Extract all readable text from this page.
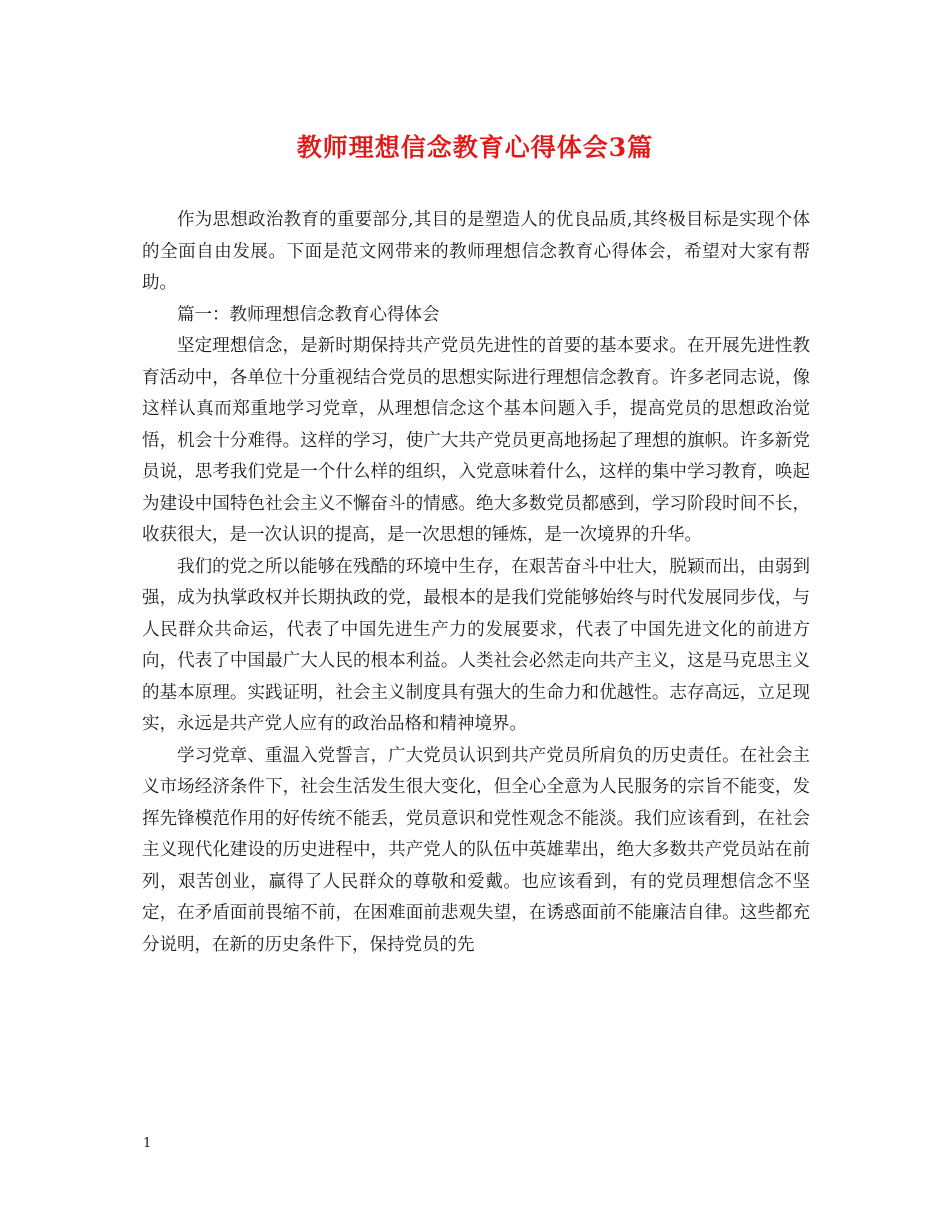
教师理想信念教育心得体会3篇

作为思想政治教育的重要部分,其目的是塑造人的优良品质,其终极目标是实现个体的全面自由发展。下面是范文网带来的教师理想信念教育心得体会，希望对大家有帮助。

篇一：教师理想信念教育心得体会

坚定理想信念，是新时期保持共产党员先进性的首要的基本要求。在开展先进性教育活动中，各单位十分重视结合党员的思想实际进行理想信念教育。许多老同志说，像这样认真而郑重地学习党章，从理想信念这个基本问题入手，提高党员的思想政治觉悟，机会十分难得。这样的学习，使广大共产党员更高地扬起了理想的旗帜。许多新党员说，思考我们党是一个什么样的组织，入党意味着什么，这样的集中学习教育，唤起为建设中国特色社会主义不懈奋斗的情感。绝大多数党员都感到，学习阶段时间不长，收获很大，是一次认识的提高，是一次思想的锤炼，是一次境界的升华。

我们的党之所以能够在残酷的环境中生存，在艰苦奋斗中壮大，脱颖而出，由弱到强，成为执掌政权并长期执政的党，最根本的是我们党能够始终与时代发展同步伐，与人民群众共命运，代表了中国先进生产力的发展要求，代表了中国先进文化的前进方向，代表了中国最广大人民的根本利益。人类社会必然走向共产主义，这是马克思主义的基本原理。实践证明，社会主义制度具有强大的生命力和优越性。志存高远，立足现实，永远是共产党人应有的政治品格和精神境界。

学习党章、重温入党誓言，广大党员认识到共产党员所肩负的历史责任。在社会主义市场经济条件下，社会生活发生很大变化，但全心全意为人民服务的宗旨不能变，发挥先锋模范作用的好传统不能丢，党员意识和党性观念不能淡。我们应该看到，在社会主义现代化建设的历史进程中，共产党人的队伍中英雄辈出，绝大多数共产党员站在前列，艰苦创业，赢得了人民群众的尊敬和爱戴。也应该看到，有的党员理想信念不坚定，在矛盾面前畏缩不前，在困难面前悲观失望，在诱惑面前不能廉洁自律。这些都充分说明，在新的历史条件下，保持党员的先

1
